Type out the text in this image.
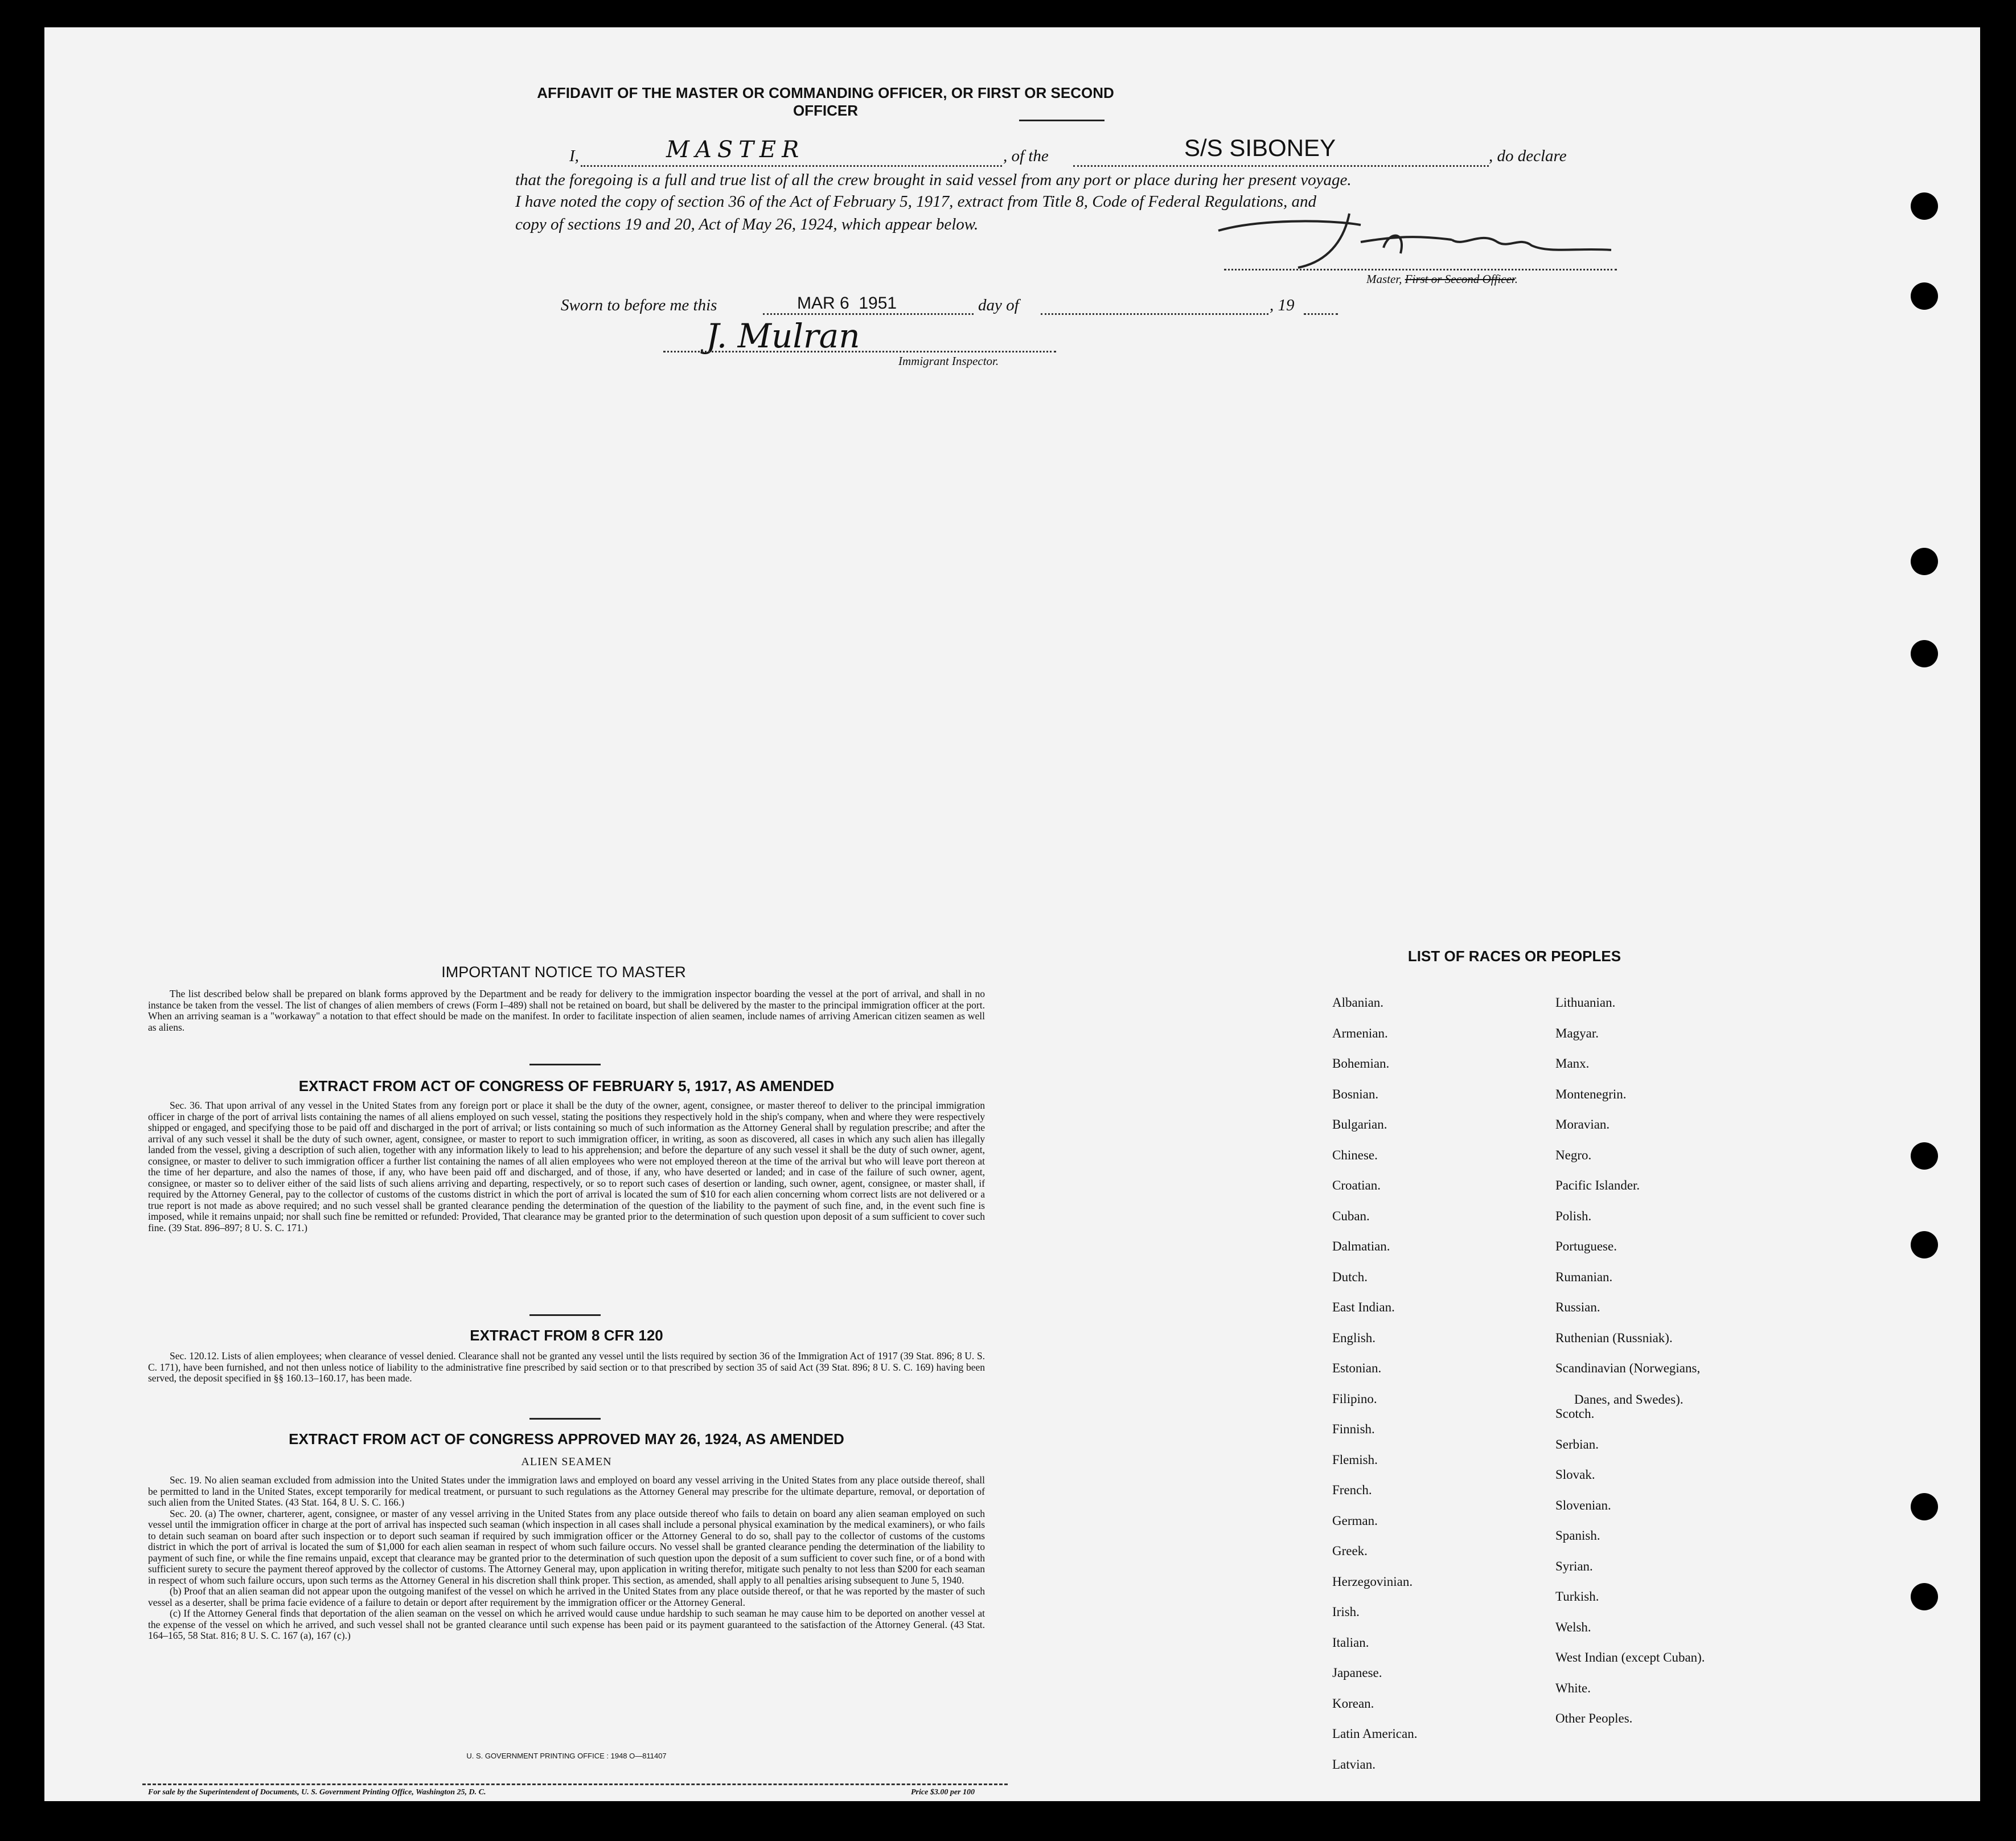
AFFIDAVIT OF THE MASTER OR COMMANDING OFFICER, OR FIRST OR SECOND OFFICER
I,	MASTER	, of the	S/S SIBONEY	, do declare
that the foregoing is a full and true list of all the crew brought in said vessel from any port or place during her present voyage.
I have noted the copy of section 36 of the Act of February 5, 1917, extract from Title 8, Code of Federal Regulations, and
copy of sections 19 and 20, Act of May 26, 1924, which appear below.
Master, First or Second Officer.
Sworn to before me this	MAR 6  1951	day of	, 19
J. Mulran
Immigrant Inspector.
IMPORTANT NOTICE TO MASTER

The list described below shall be prepared on blank forms approved by the Department and be ready for delivery to the immigration inspector boarding the vessel at the port of arrival, and shall in no instance be taken from the vessel. The list of changes of alien members of crews (Form I–489) shall not be retained on board, but shall be delivered by the master to the principal immigration officer at the port. When an arriving seaman is a "workaway" a notation to that effect should be made on the manifest. In order to facilitate inspection of alien seamen, include names of arriving American citizen seamen as well as aliens.

EXTRACT FROM ACT OF CONGRESS OF FEBRUARY 5, 1917, AS AMENDED

Sec. 36. That upon arrival of any vessel in the United States from any foreign port or place it shall be the duty of the owner, agent, consignee, or master thereof to deliver to the principal immigration officer in charge of the port of arrival lists containing the names of all aliens employed on such vessel, stating the positions they respectively hold in the ship's company, when and where they were respectively shipped or engaged, and specifying those to be paid off and discharged in the port of arrival; or lists containing so much of such information as the Attorney General shall by regulation prescribe; and after the arrival of any such vessel it shall be the duty of such owner, agent, consignee, or master to report to such immigration officer, in writing, as soon as discovered, all cases in which any such alien has illegally landed from the vessel, giving a description of such alien, together with any information likely to lead to his apprehension; and before the departure of any such vessel it shall be the duty of such owner, agent, consignee, or master to deliver to such immigration officer a further list containing the names of all alien employees who were not employed thereon at the time of the arrival but who will leave port thereon at the time of her departure, and also the names of those, if any, who have been paid off and discharged, and of those, if any, who have deserted or landed; and in case of the failure of such owner, agent, consignee, or master so to deliver either of the said lists of such aliens arriving and departing, respectively, or so to report such cases of desertion or landing, such owner, agent, consignee, or master shall, if required by the Attorney General, pay to the collector of customs of the customs district in which the port of arrival is located the sum of $10 for each alien concerning whom correct lists are not delivered or a true report is not made as above required; and no such vessel shall be granted clearance pending the determination of the question of the liability to the payment of such fine, and, in the event such fine is imposed, while it remains unpaid; nor shall such fine be remitted or refunded: Provided, That clearance may be granted prior to the determination of such question upon deposit of a sum sufficient to cover such fine. (39 Stat. 896–897; 8 U. S. C. 171.)

EXTRACT FROM 8 CFR 120

Sec. 120.12. Lists of alien employees; when clearance of vessel denied. Clearance shall not be granted any vessel until the lists required by section 36 of the Immigration Act of 1917 (39 Stat. 896; 8 U. S. C. 171), have been furnished, and not then unless notice of liability to the administrative fine prescribed by said section or to that prescribed by section 35 of said Act (39 Stat. 896; 8 U. S. C. 169) having been served, the deposit specified in §§ 160.13–160.17, has been made.

EXTRACT FROM ACT OF CONGRESS APPROVED MAY 26, 1924, AS AMENDED
ALIEN SEAMEN

Sec. 19. No alien seaman excluded from admission into the United States under the immigration laws and employed on board any vessel arriving in the United States from any place outside thereof, shall be permitted to land in the United States, except temporarily for medical treatment, or pursuant to such regulations as the Attorney General may prescribe for the ultimate departure, removal, or deportation of such alien from the United States. (43 Stat. 164, 8 U. S. C. 166.)

Sec. 20. (a) The owner, charterer, agent, consignee, or master of any vessel arriving in the United States from any place outside thereof who fails to detain on board any alien seaman employed on such vessel until the immigration officer in charge at the port of arrival has inspected such seaman (which inspection in all cases shall include a personal physical examination by the medical examiners), or who fails to detain such seaman on board after such inspection or to deport such seaman if required by such immigration officer or the Attorney General to do so, shall pay to the collector of customs of the customs district in which the port of arrival is located the sum of $1,000 for each alien seaman in respect of whom such failure occurs. No vessel shall be granted clearance pending the determination of the liability to payment of such fine, or while the fine remains unpaid, except that clearance may be granted prior to the determination of such question upon the deposit of a sum sufficient to cover such fine, or of a bond with sufficient surety to secure the payment thereof approved by the collector of customs. The Attorney General may, upon application in writing therefor, mitigate such penalty to not less than $200 for each seaman in respect of whom such failure occurs, upon such terms as the Attorney General in his discretion shall think proper. This section, as amended, shall apply to all penalties arising subsequent to June 5, 1940.

(b) Proof that an alien seaman did not appear upon the outgoing manifest of the vessel on which he arrived in the United States from any place outside thereof, or that he was reported by the master of such vessel as a deserter, shall be prima facie evidence of a failure to detain or deport after requirement by the immigration officer or the Attorney General.

(c) If the Attorney General finds that deportation of the alien seaman on the vessel on which he arrived would cause undue hardship to such seaman he may cause him to be deported on another vessel at the expense of the vessel on which he arrived, and such vessel shall not be granted clearance until such expense has been paid or its payment guaranteed to the satisfaction of the Attorney General. (43 Stat. 164–165, 58 Stat. 816; 8 U. S. C. 167 (a), 167 (c).)

U. S. GOVERNMENT PRINTING OFFICE : 1948 O—811407
For sale by the Superintendent of Documents, U. S. Government Printing Office, Washington 25, D. C.	Price $3.00 per 100
LIST OF RACES OR PEOPLES
Albanian.
Armenian.
Bohemian.
Bosnian.
Bulgarian.
Chinese.
Croatian.
Cuban.
Dalmatian.
Dutch.
East Indian.
English.
Estonian.
Filipino.
Finnish.
Flemish.
French.
German.
Greek.
Herzegovinian.
Irish.
Italian.
Japanese.
Korean.
Latin American.
Latvian.
Lithuanian.
Magyar.
Manx.
Montenegrin.
Moravian.
Negro.
Pacific Islander.
Polish.
Portuguese.
Rumanian.
Russian.
Ruthenian (Russniak).
Scandinavian (Norwegians,
Danes, and Swedes).
Scotch.
Serbian.
Slovak.
Slovenian.
Spanish.
Syrian.
Turkish.
Welsh.
West Indian (except Cuban).
White.
Other Peoples.
